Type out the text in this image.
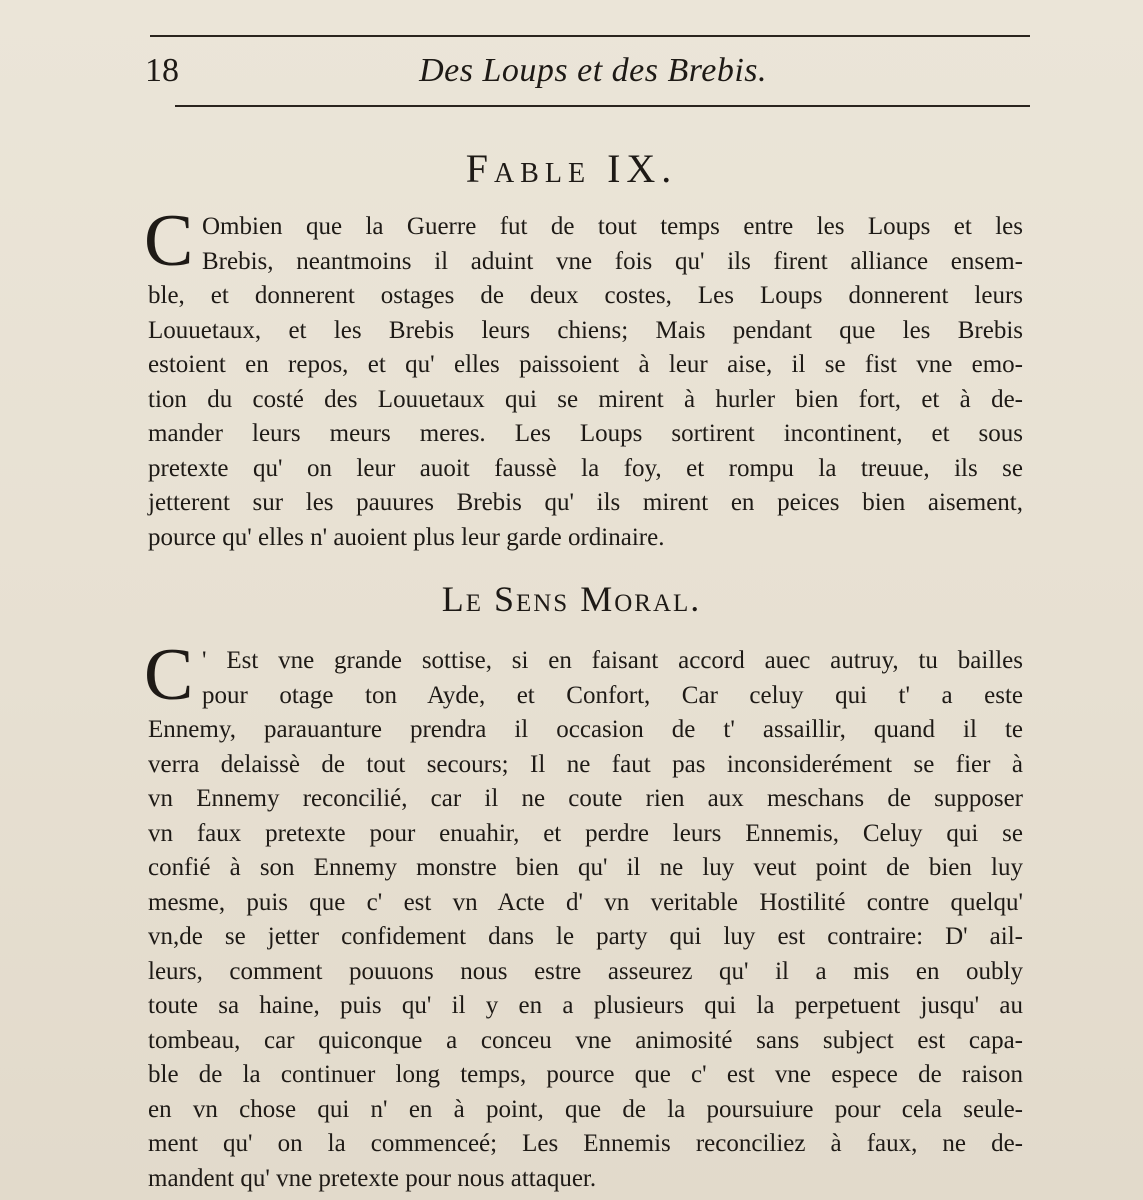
18	Des Loups et des Brebis.
Fable IX.
C Ombien que la Guerre fut de tout temps entre les Loups et les
Brebis, neantmoins il aduint vne fois qu' ils firent alliance ensem-
ble, et donnerent ostages de deux costes, Les Loups donnerent leurs
Louuetaux, et les Brebis leurs chiens; Mais pendant que les Brebis
estoient en repos, et qu' elles paissoient à leur aise, il se fist vne emo-
tion du costé des Louuetaux qui se mirent à hurler bien fort, et à de-
mander leurs meurs meres. Les Loups sortirent incontinent, et sous
pretexte qu' on leur auoit faussè la foy, et rompu la treuue, ils se
jetterent sur les pauures Brebis qu' ils mirent en peices bien aisement,
pource qu' elles n' auoient plus leur garde ordinaire.
Le Sens Moral.
C ' Est vne grande sottise, si en faisant accord auec autruy, tu bailles
pour otage ton Ayde, et Confort, Car celuy qui t' a este
Ennemy, parauanture prendra il occasion de t' assaillir, quand il te
verra delaissè de tout secours; Il ne faut pas inconsiderément se fier à
vn Ennemy reconcilié, car il ne coute rien aux meschans de supposer
vn faux pretexte pour enuahir, et perdre leurs Ennemis, Celuy qui se
confié à son Ennemy monstre bien qu' il ne luy veut point de bien luy
mesme, puis que c' est vn Acte d' vn veritable Hostilité contre quelqu'
vn,de se jetter confidement dans le party qui luy est contraire: D' ail-
leurs, comment pouuons nous estre asseurez qu' il a mis en oubly
toute sa haine, puis qu' il y en a plusieurs qui la perpetuent jusqu' au
tombeau, car quiconque a conceu vne animosité sans subject est capa-
ble de la continuer long temps, pource que c' est vne espece de raison
en vn chose qui n' en à point, que de la poursuiure pour cela seule-
ment qu' on la commenceé; Les Ennemis reconciliez à faux, ne de-
mandent qu' vne pretexte pour nous attaquer.
